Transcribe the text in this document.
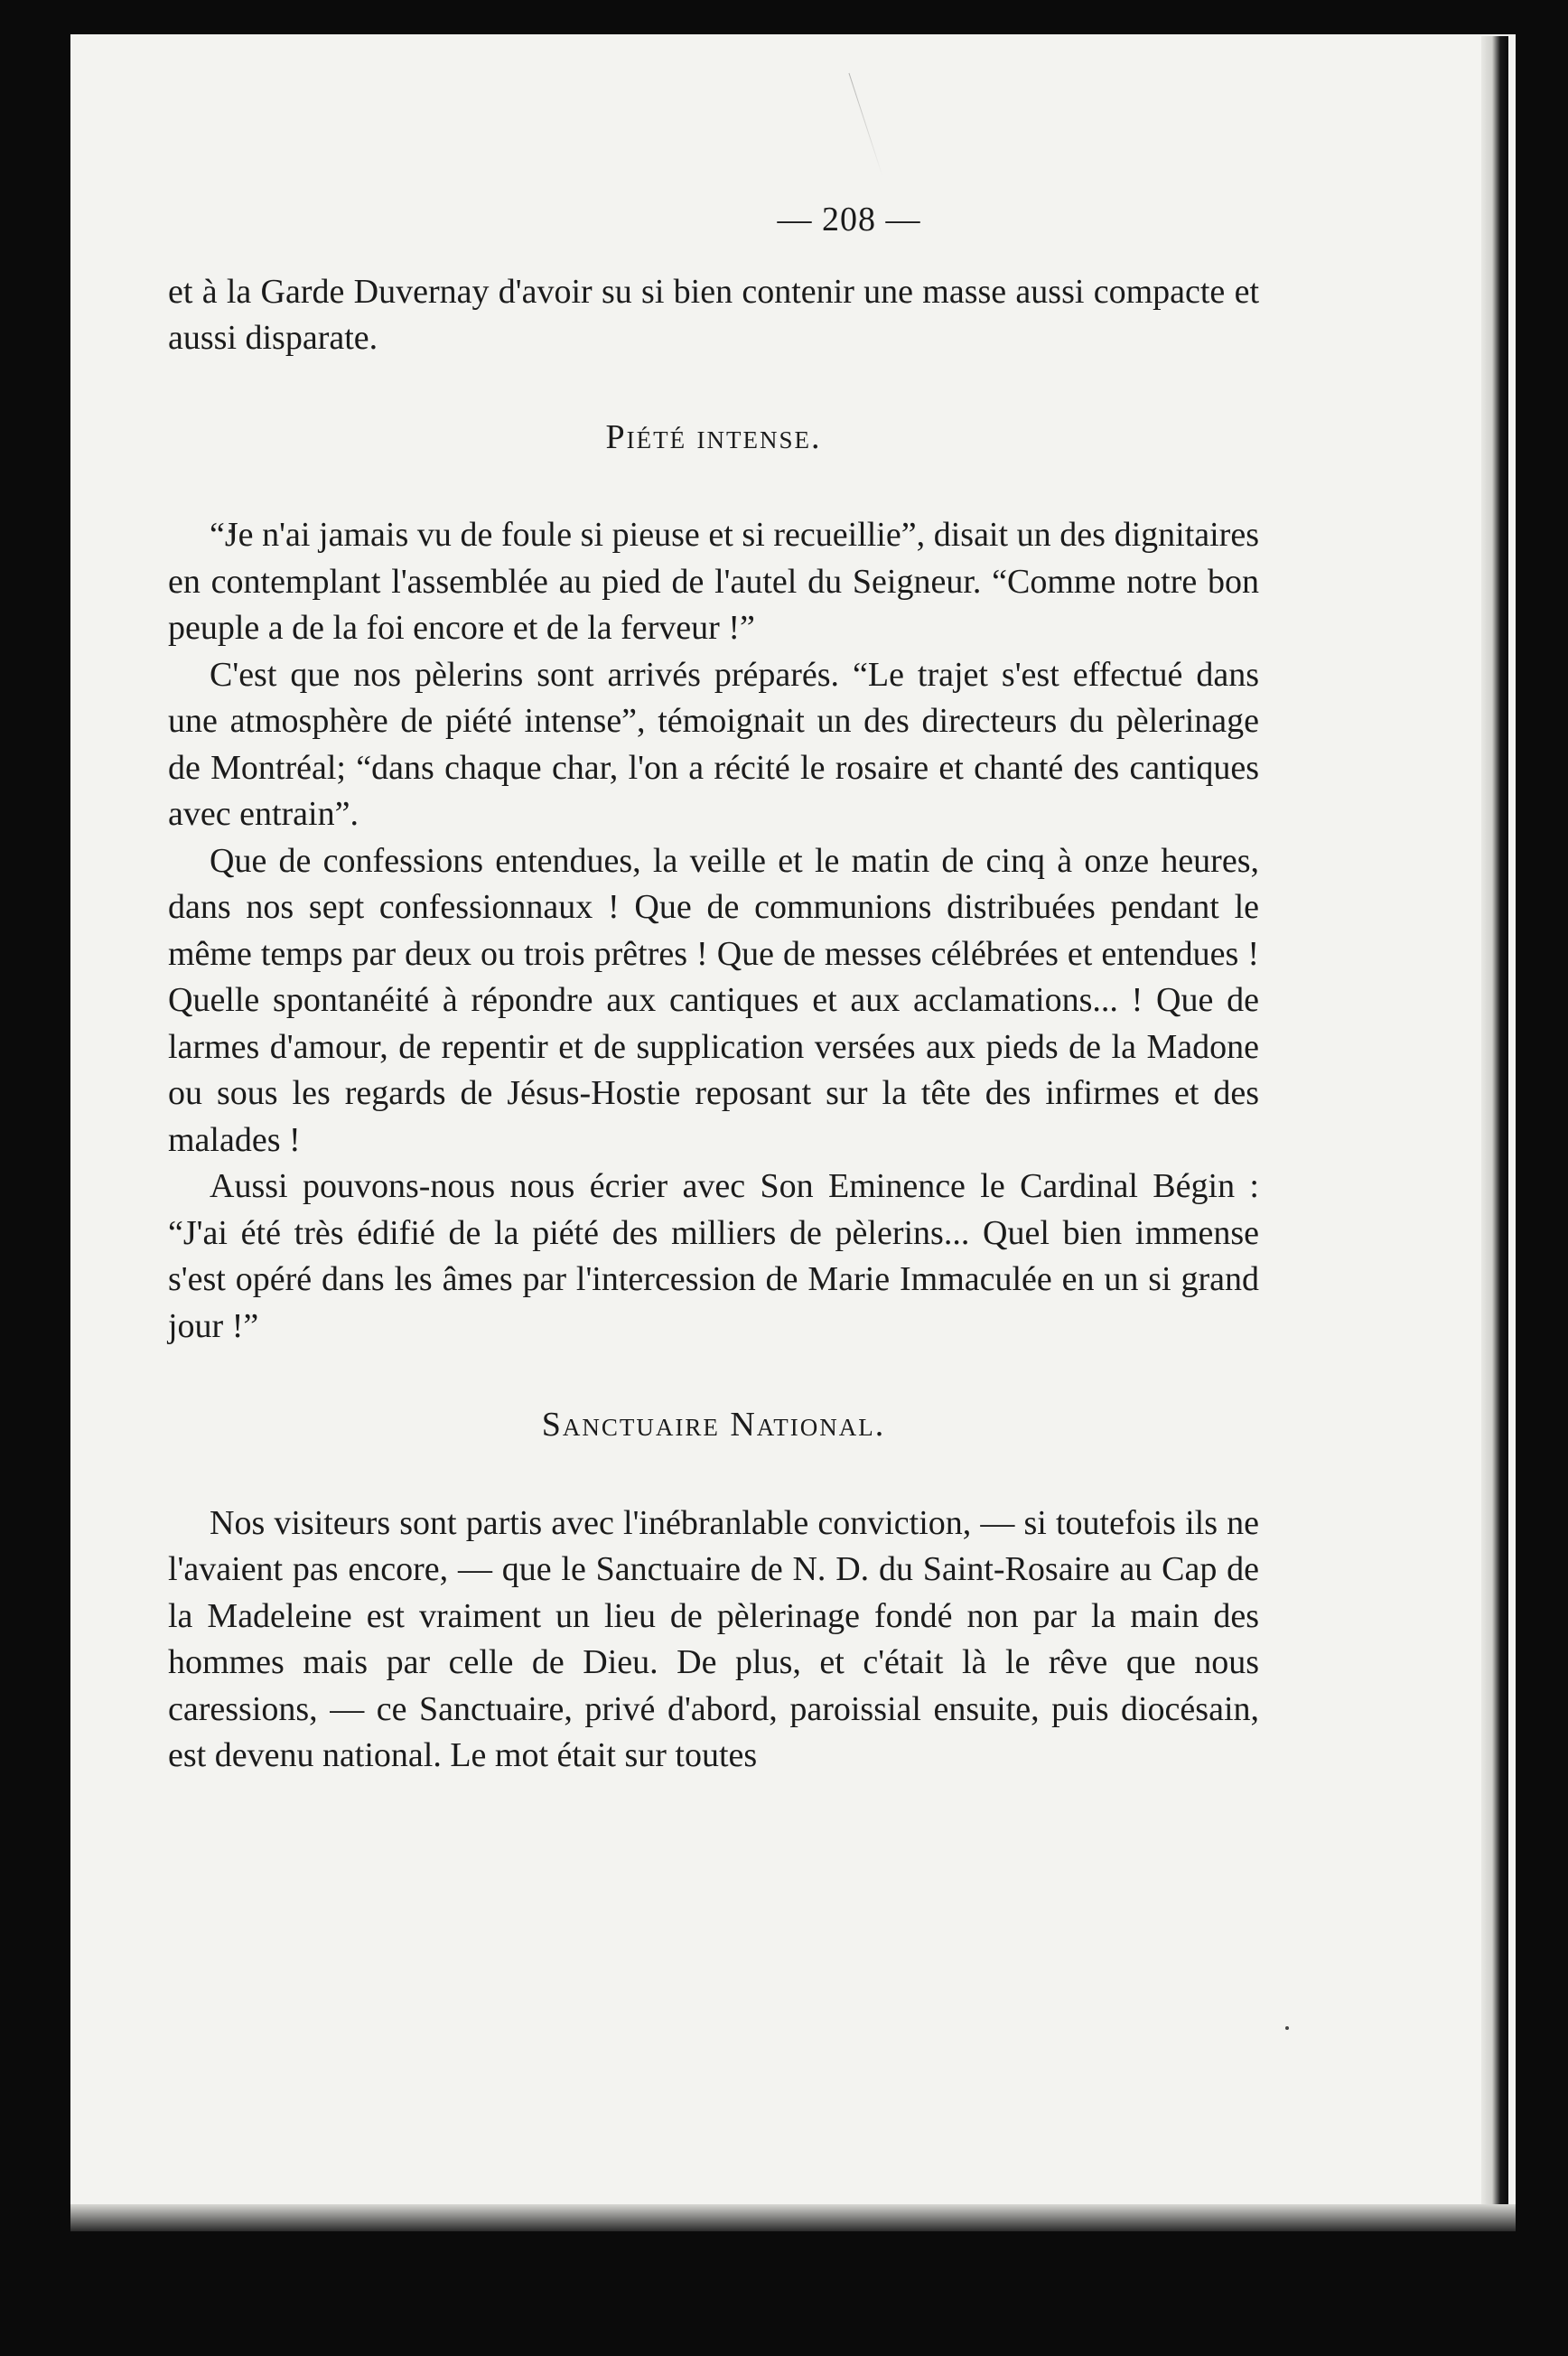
— 208 —

et à la Garde Duvernay d'avoir su si bien contenir une masse aussi compacte et aussi disparate.

Piété intense.

“Je n'ai jamais vu de foule si pieuse et si recueillie”, disait un des dignitaires en contemplant l'assemblée au pied de l'autel du Seigneur. “Comme notre bon peuple a de la foi encore et de la ferveur !”

C'est que nos pèlerins sont arrivés préparés. “Le trajet s'est effectué dans une atmosphère de piété intense”, témoignait un des directeurs du pèlerinage de Montréal; “dans chaque char, l'on a récité le rosaire et chanté des cantiques avec entrain”.

Que de confessions entendues, la veille et le matin de cinq à onze heures, dans nos sept confessionnaux ! Que de communions distribuées pendant le même temps par deux ou trois prêtres ! Que de messes célébrées et entendues ! Quelle spontanéité à répondre aux cantiques et aux acclamations... ! Que de larmes d'amour, de repentir et de supplication versées aux pieds de la Madone ou sous les regards de Jésus-Hostie reposant sur la tête des infirmes et des malades !

Aussi pouvons-nous nous écrier avec Son Eminence le Cardinal Bégin : “J'ai été très édifié de la piété des milliers de pèlerins... Quel bien immense s'est opéré dans les âmes par l'intercession de Marie Immaculée en un si grand jour !”

Sanctuaire National.

Nos visiteurs sont partis avec l'inébranlable conviction, — si toutefois ils ne l'avaient pas encore, — que le Sanctuaire de N. D. du Saint-Rosaire au Cap de la Madeleine est vraiment un lieu de pèlerinage fondé non par la main des hommes mais par celle de Dieu. De plus, et c'était là le rêve que nous caressions, — ce Sanctuaire, privé d'abord, paroissial ensuite, puis diocésain, est devenu national. Le mot était sur toutes
